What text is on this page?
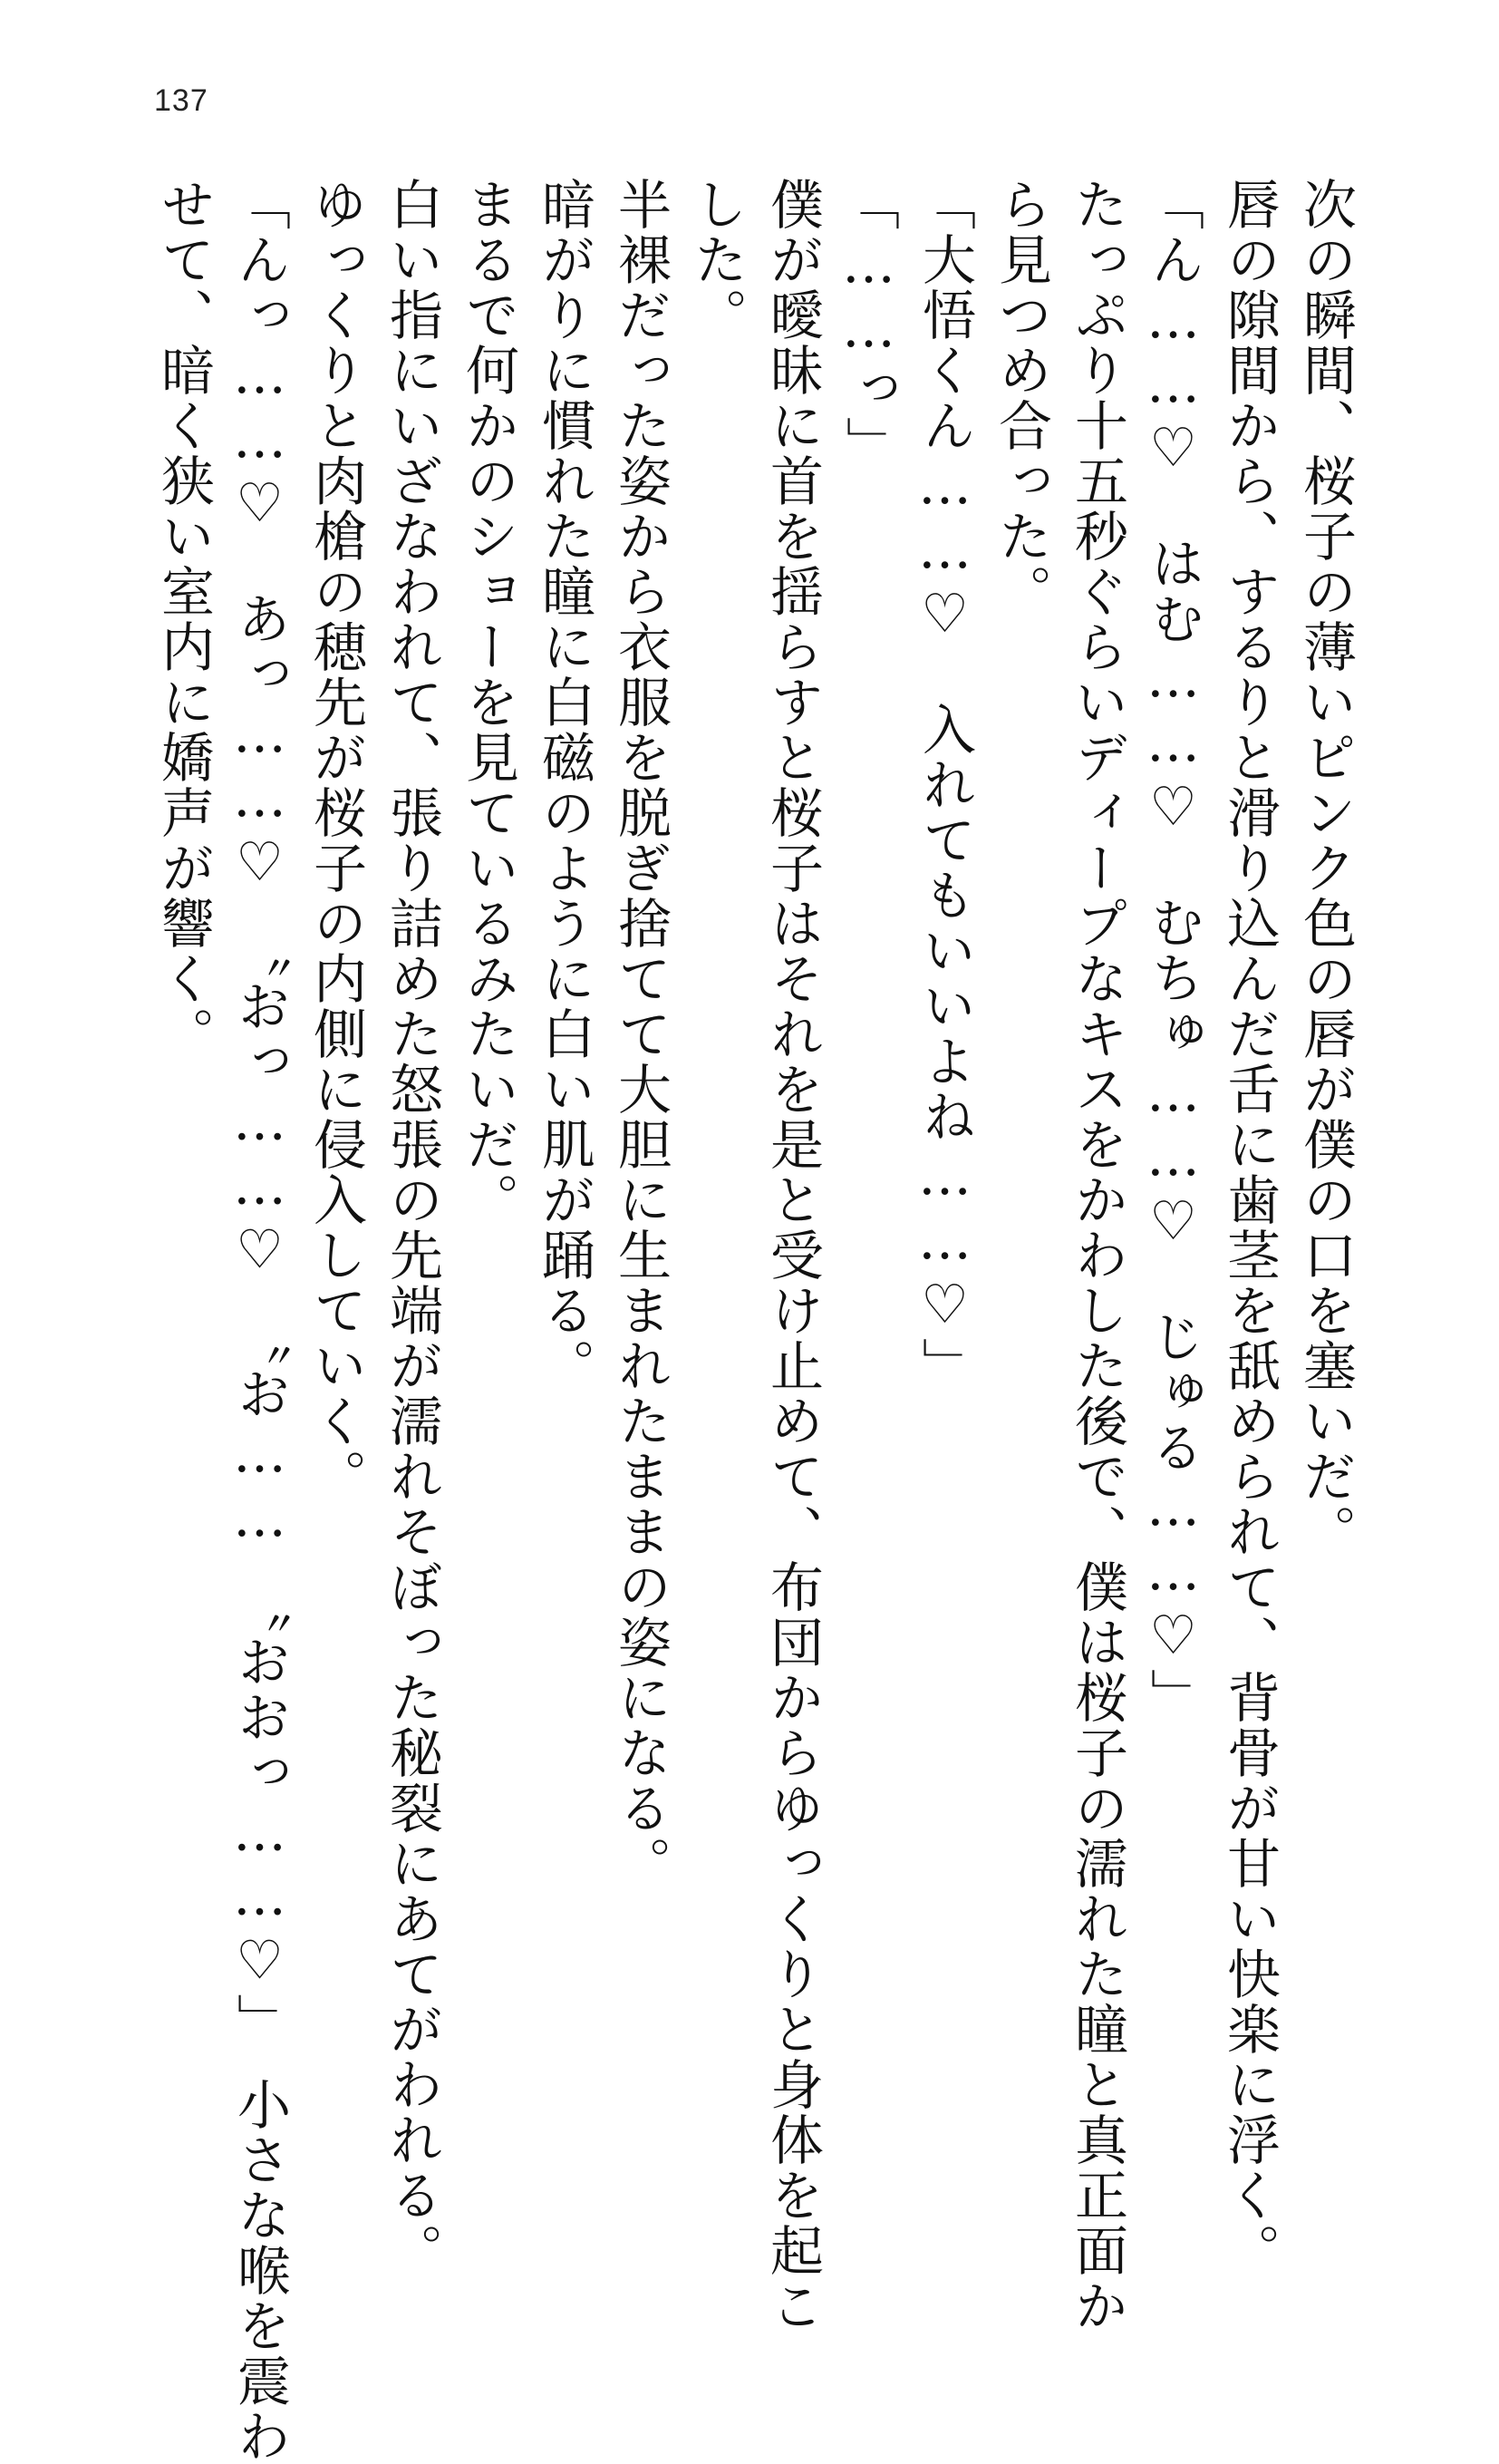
137
次の瞬間、桜子の薄いピンク色の唇が僕の口を塞いだ。
唇の隙間から、するりと滑り込んだ舌に歯茎を舐められて、背骨が甘い快楽に浮く。
「ん……♡　はむ……♡　むちゅ……♡　じゅる……♡」
たっぷり十五秒ぐらいディープなキスをかわした後で、僕は桜子の濡れた瞳と真正面か
ら見つめ合った。
「大悟くん……♡　入れてもいいよね……♡」
「……っ」
僕が曖昧に首を揺らすと桜子はそれを是と受け止めて、布団からゆっくりと身体を起こ
した。
半裸だった姿から衣服を脱ぎ捨てて大胆に生まれたままの姿になる。
暗がりに慣れた瞳に白磁のように白い肌が踊る。
まるで何かのショーを見ているみたいだ。
白い指にいざなわれて、張り詰めた怒張の先端が濡れそぼった秘裂にあてがわれる。
ゆっくりと肉槍の穂先が桜子の内側に侵入していく。
「んっ……♡　あっ……♡　〝おっ……♡　〝お……　〝おおっ……♡」　小さな喉を震わ
せて、暗く狭い室内に嬌声が響く。
